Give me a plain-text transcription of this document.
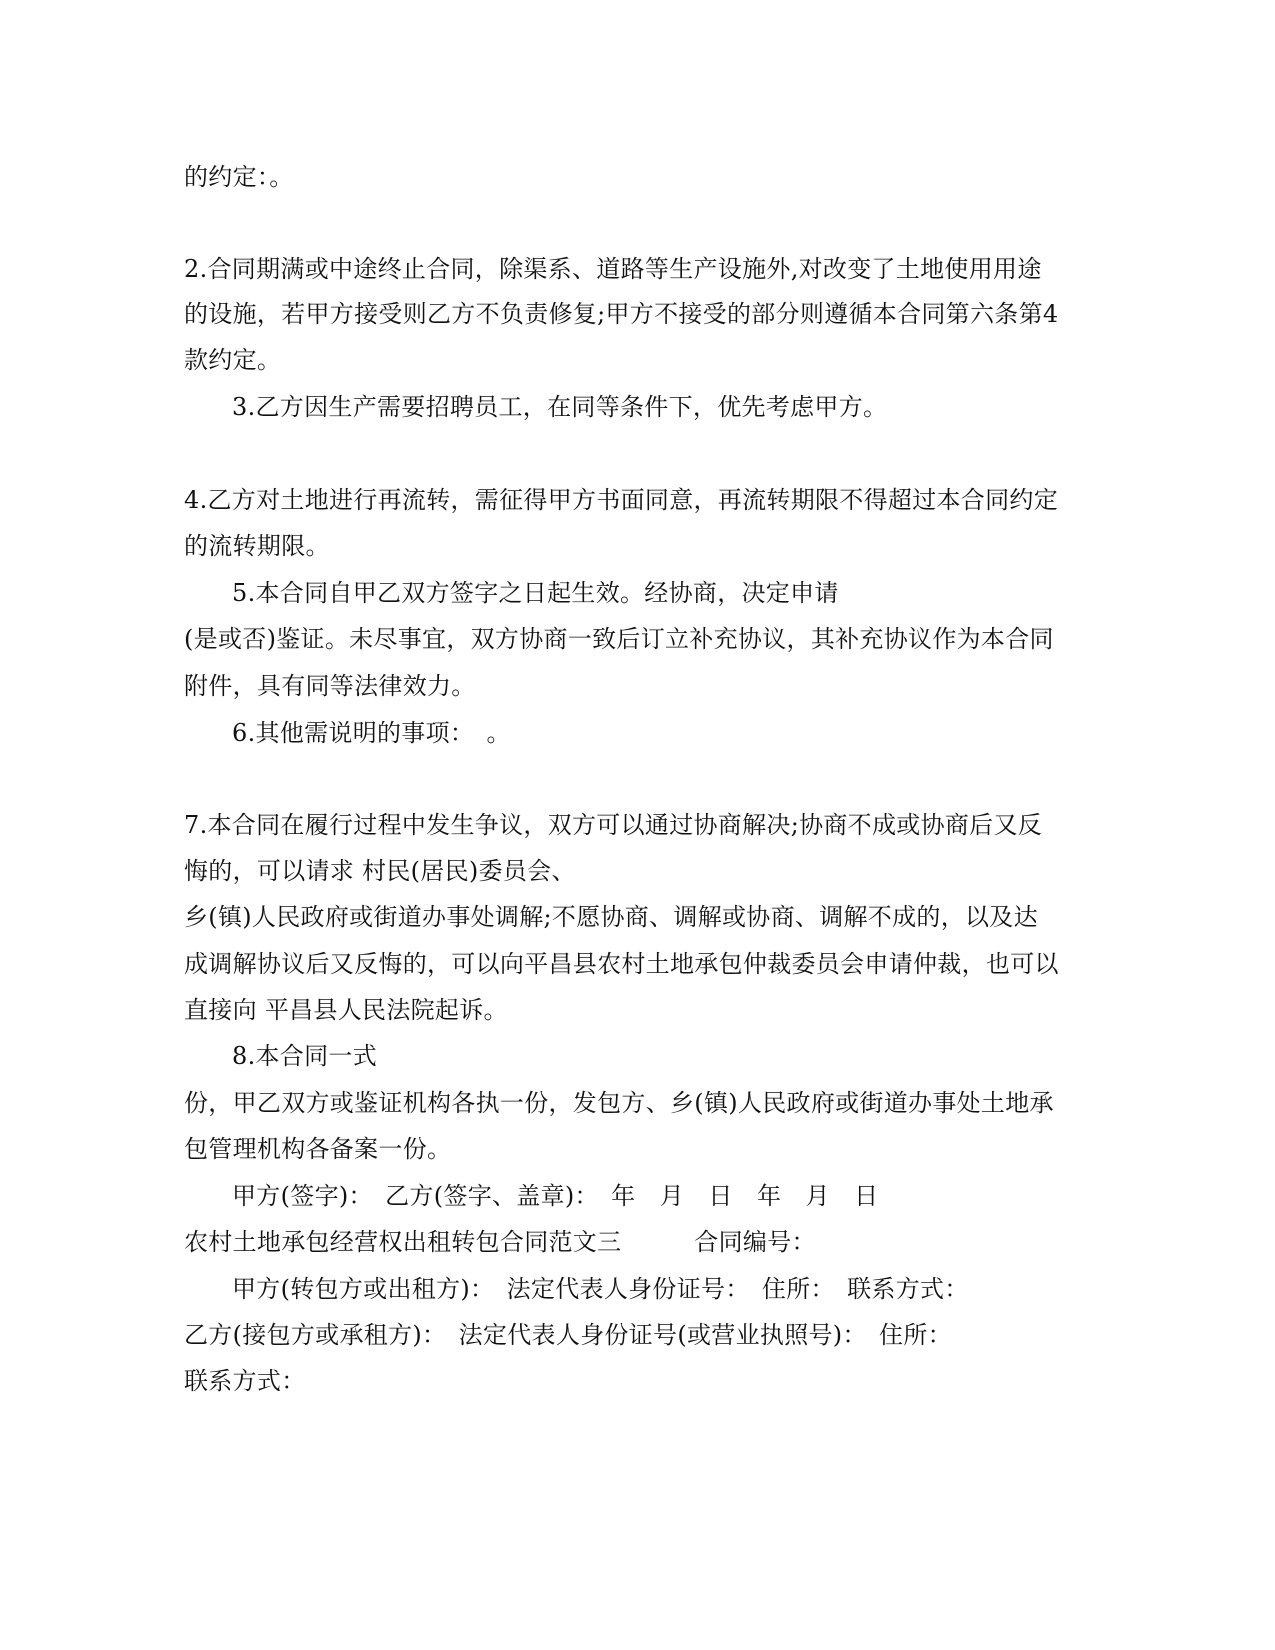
的约定：。
2.合同期满或中途终止合同，除渠系、道路等生产设施外,对改变了土地使用用途
的设施，若甲方接受则乙方不负责修复;甲方不接受的部分则遵循本合同第六条第4
款约定。
3.乙方因生产需要招聘员工，在同等条件下，优先考虑甲方。
4.乙方对土地进行再流转，需征得甲方书面同意，再流转期限不得超过本合同约定
的流转期限。
5.本合同自甲乙双方签字之日起生效。经协商，决定申请
(是或否)鉴证。未尽事宜，双方协商一致后订立补充协议，其补充协议作为本合同
附件，具有同等法律效力。
6.其他需说明的事项：　。
7.本合同在履行过程中发生争议，双方可以通过协商解决;协商不成或协商后又反
悔的，可以请求 村民(居民)委员会、
乡(镇)人民政府或街道办事处调解;不愿协商、调解或协商、调解不成的，以及达
成调解协议后又反悔的，可以向平昌县农村土地承包仲裁委员会申请仲裁，也可以
直接向 平昌县人民法院起诉。
8.本合同一式
份，甲乙双方或鉴证机构各执一份，发包方、乡(镇)人民政府或街道办事处土地承
包管理机构各备案一份。
甲方(签字)：　乙方(签字、盖章)：　年　月　日　年　月　日
农村土地承包经营权出租转包合同范文三　　　合同编号：
甲方(转包方或出租方)：　法定代表人身份证号：　住所：　联系方式：
乙方(接包方或承租方)：　法定代表人身份证号(或营业执照号)：　住所：
联系方式：
